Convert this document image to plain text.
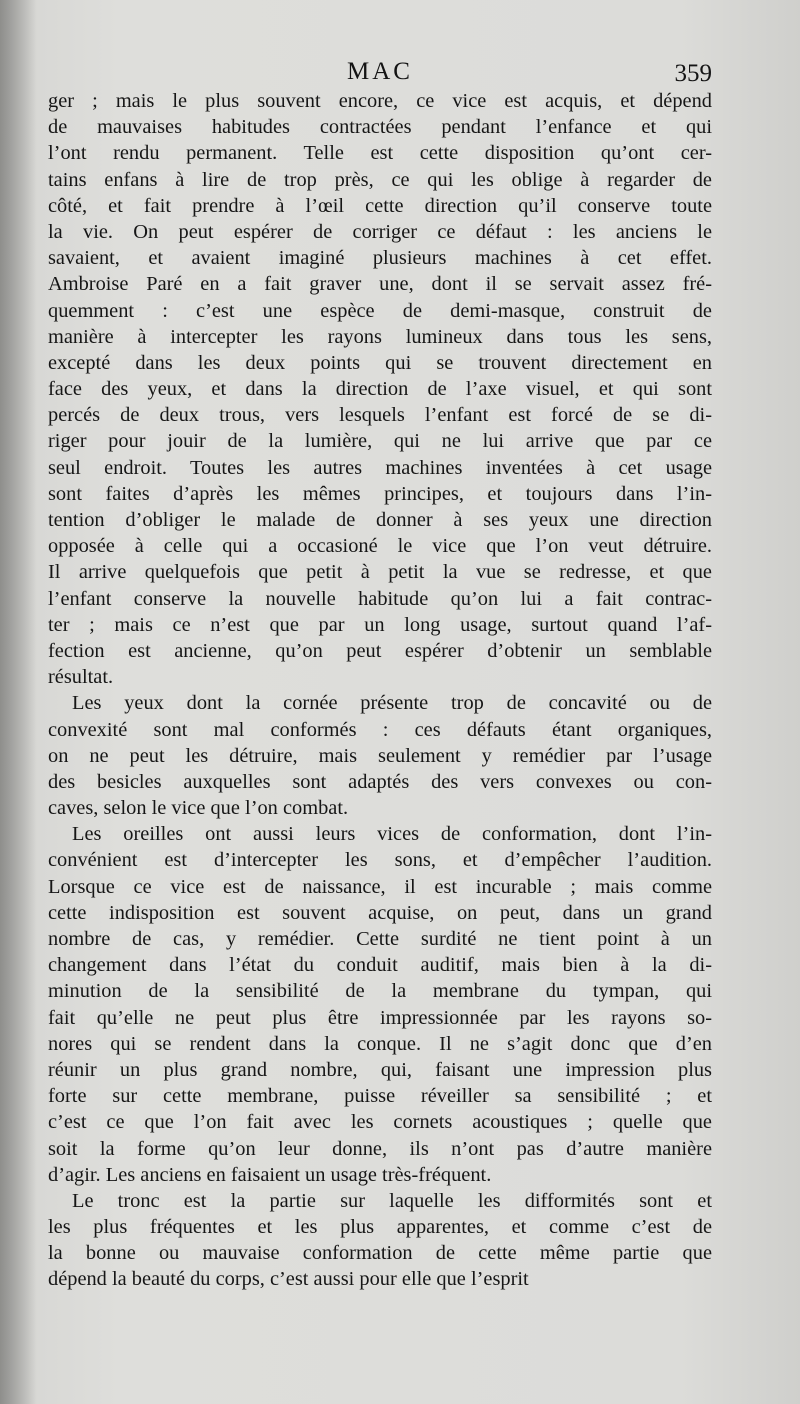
MAC	359
ger ; mais le plus souvent encore, ce vice est acquis, et dépend
de mauvaises habitudes contractées pendant l’enfance et qui
l’ont rendu permanent. Telle est cette disposition qu’ont cer-
tains enfans à lire de trop près, ce qui les oblige à regarder de
côté, et fait prendre à l’œil cette direction qu’il conserve toute
la vie. On peut espérer de corriger ce défaut : les anciens le
savaient, et avaient imaginé plusieurs machines à cet effet.
Ambroise Paré en a fait graver une, dont il se servait assez fré-
quemment : c’est une espèce de demi-masque, construit de
manière à intercepter les rayons lumineux dans tous les sens,
excepté dans les deux points qui se trouvent directement en
face des yeux, et dans la direction de l’axe visuel, et qui sont
percés de deux trous, vers lesquels l’enfant est forcé de se di-
riger pour jouir de la lumière, qui ne lui arrive que par ce
seul endroit. Toutes les autres machines inventées à cet usage
sont faites d’après les mêmes principes, et toujours dans l’in-
tention d’obliger le malade de donner à ses yeux une direction
opposée à celle qui a occasioné le vice que l’on veut détruire.
Il arrive quelquefois que petit à petit la vue se redresse, et que
l’enfant conserve la nouvelle habitude qu’on lui a fait contrac-
ter ; mais ce n’est que par un long usage, surtout quand l’af-
fection est ancienne, qu’on peut espérer d’obtenir un semblable
résultat.
Les yeux dont la cornée présente trop de concavité ou de
convexité sont mal conformés : ces défauts étant organiques,
on ne peut les détruire, mais seulement y remédier par l’usage
des besicles auxquelles sont adaptés des vers convexes ou con-
caves, selon le vice que l’on combat.
Les oreilles ont aussi leurs vices de conformation, dont l’in-
convénient est d’intercepter les sons, et d’empêcher l’audition.
Lorsque ce vice est de naissance, il est incurable ; mais comme
cette indisposition est souvent acquise, on peut, dans un grand
nombre de cas, y remédier. Cette surdité ne tient point à un
changement dans l’état du conduit auditif, mais bien à la di-
minution de la sensibilité de la membrane du tympan, qui
fait qu’elle ne peut plus être impressionnée par les rayons so-
nores qui se rendent dans la conque. Il ne s’agit donc que d’en
réunir un plus grand nombre, qui, faisant une impression plus
forte sur cette membrane, puisse réveiller sa sensibilité ; et
c’est ce que l’on fait avec les cornets acoustiques ; quelle que
soit la forme qu’on leur donne, ils n’ont pas d’autre manière
d’agir. Les anciens en faisaient un usage très-fréquent.
Le tronc est la partie sur laquelle les difformités sont et
les plus fréquentes et les plus apparentes, et comme c’est de
la bonne ou mauvaise conformation de cette même partie que
dépend la beauté du corps, c’est aussi pour elle que l’esprit
